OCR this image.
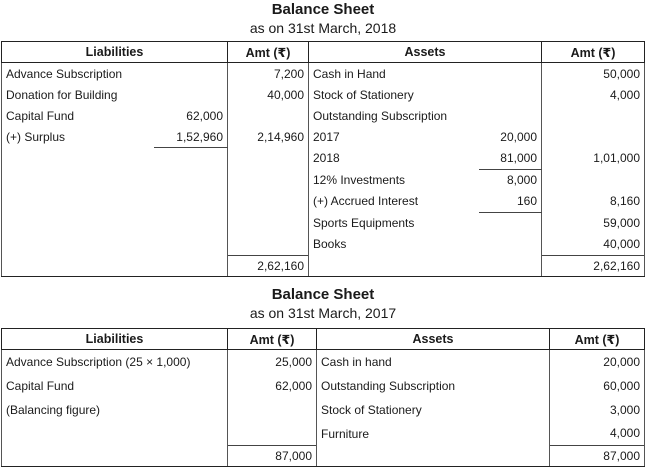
Balance Sheet
as on 31st March, 2018
Liabilities		Amt (₹)	Assets		Amt (₹)
Advance Subscription		7,200	Cash in Hand		50,000
Donation for Building		40,000	Stock of Stationery		4,000
Capital Fund	62,000		Outstanding Subscription		
(+) Surplus	1,52,960	2,14,960	2017	20,000	
			2018	81,000	1,01,000
			12% Investments	8,000	
			(+) Accrued Interest	160	8,160
			Sports Equipments		59,000
			Books		40,000
		2,62,160			2,62,160
Balance Sheet
as on 31st March, 2017
Liabilities	Amt (₹)	Assets	Amt (₹)
Advance Subscription (25 × 1,000)	25,000	Cash in hand	20,000
Capital Fund	62,000	Outstanding Subscription	60,000
(Balancing figure)		Stock of Stationery	3,000
		Furniture	4,000
	87,000		87,000
